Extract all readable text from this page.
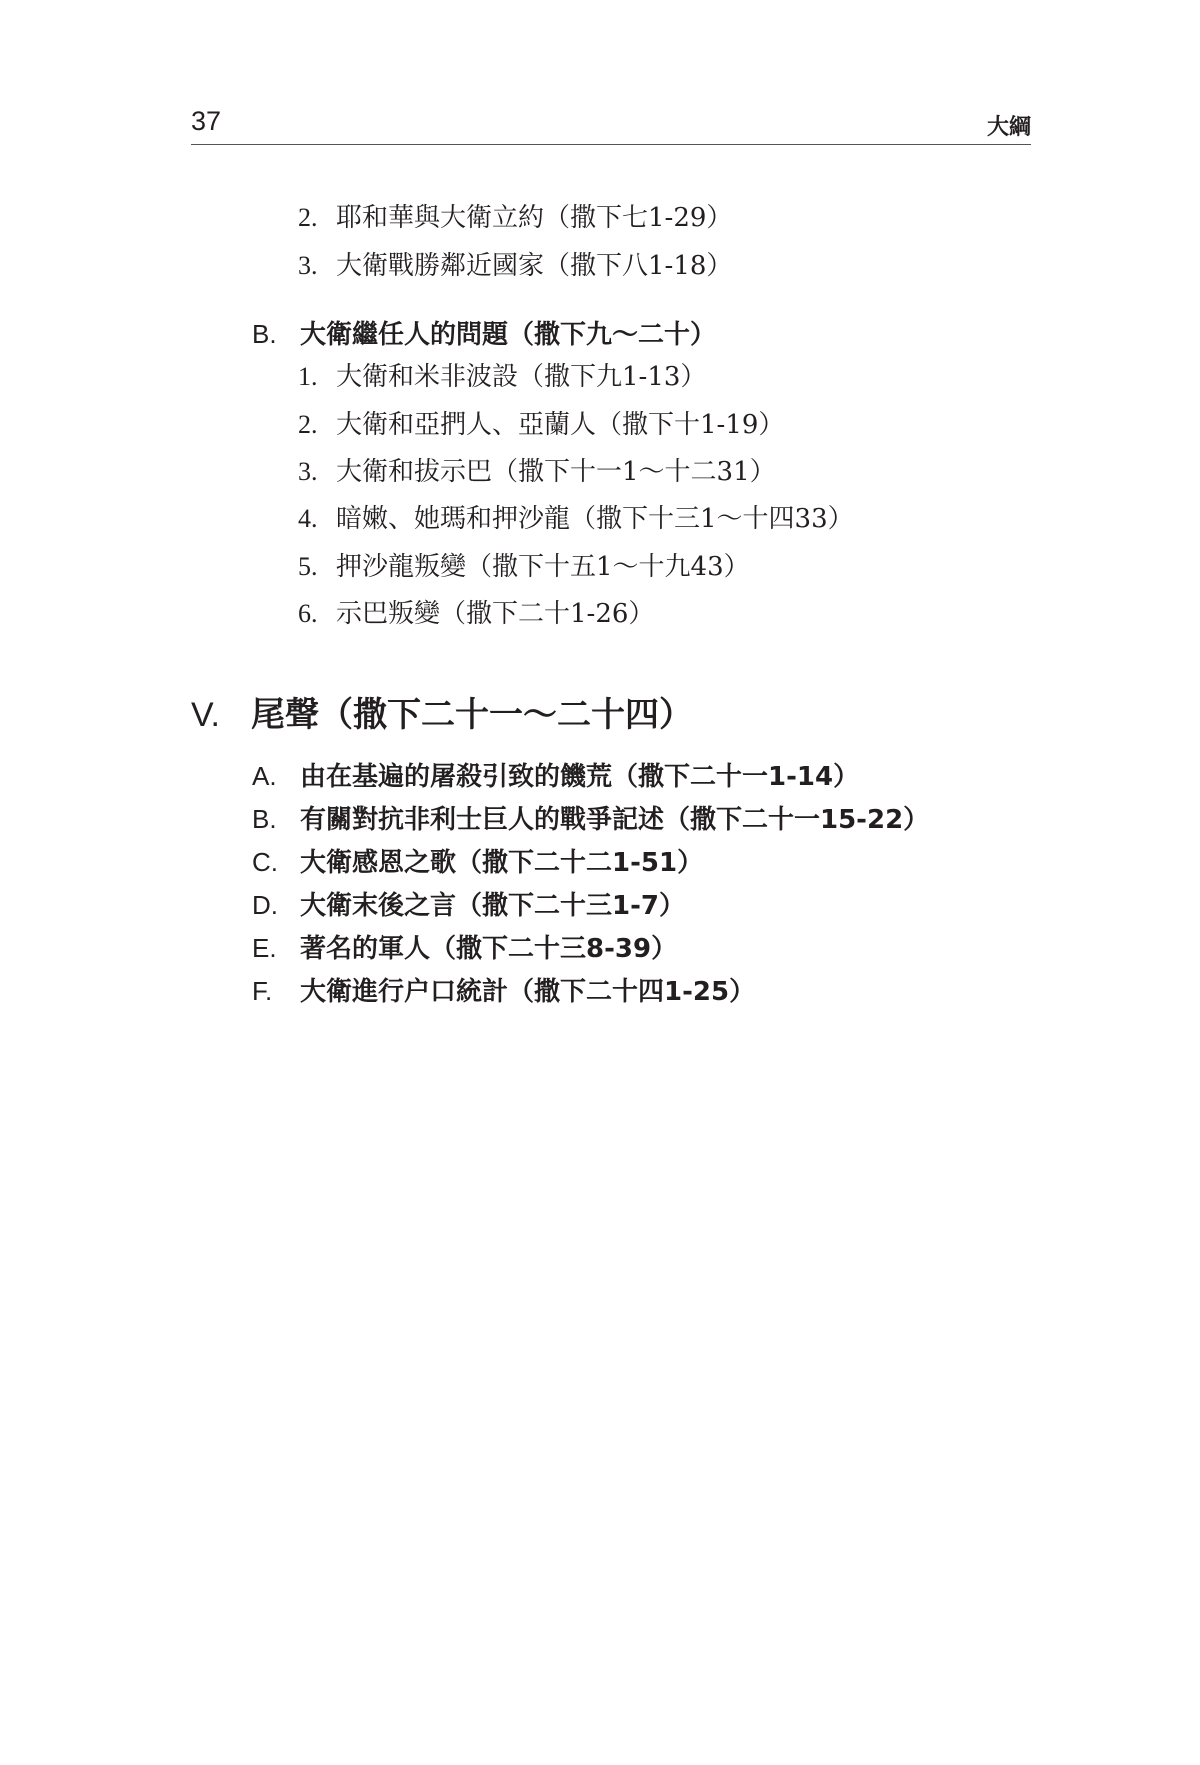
37	大綱
2. 耶和華與大衛立約（撒下七1-29）
3. 大衛戰勝鄰近國家（撒下八1-18）
B. 大衛繼任人的問題（撒下九～二十）
1. 大衛和米非波設（撒下九1-13）
2. 大衛和亞捫人、亞蘭人（撒下十1-19）
3. 大衛和拔示巴（撒下十一1～十二31）
4. 暗嫩、她瑪和押沙龍（撒下十三1～十四33）
5. 押沙龍叛變（撒下十五1～十九43）
6. 示巴叛變（撒下二十1-26）
V. 尾聲（撒下二十一～二十四）
A. 由在基遍的屠殺引致的饑荒（撒下二十一1-14）
B. 有關對抗非利士巨人的戰爭記述（撒下二十一15-22）
C. 大衛感恩之歌（撒下二十二1-51）
D. 大衛末後之言（撒下二十三1-7）
E. 著名的軍人（撒下二十三8-39）
F. 大衛進行户口統計（撒下二十四1-25）
